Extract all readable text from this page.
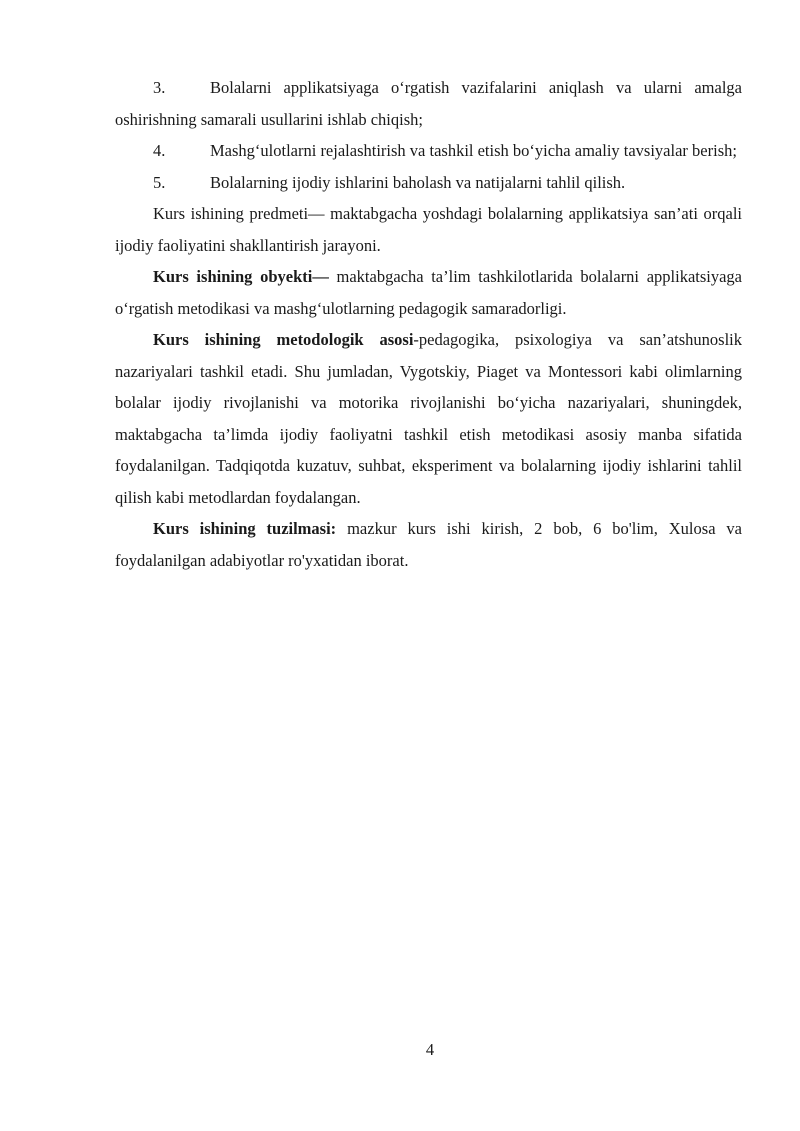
3.	Bolalarni applikatsiyaga o‘rgatish vazifalarini aniqlash va ularni amalga oshirishning samarali usullarini ishlab chiqish;

4.	Mashg‘ulotlarni rejalashtirish va tashkil etish bo‘yicha amaliy tavsiyalar berish;

5.	Bolalarning ijodiy ishlarini baholash va natijalarni tahlil qilish.

Kurs ishining predmeti— maktabgacha yoshdagi bolalarning applikatsiya san’ati orqali ijodiy faoliyatini shakllantirish jarayoni.

Kurs ishining obyekti— maktabgacha ta’lim tashkilotlarida bolalarni applikatsiyaga o‘rgatish metodikasi va mashg‘ulotlarning pedagogik samaradorligi.

Kurs ishining metodologik asosi-pedagogika, psixologiya va san’atshunoslik nazariyalari tashkil etadi. Shu jumladan, Vygotskiy, Piaget va Montessori kabi olimlarning bolalar ijodiy rivojlanishi va motorika rivojlanishi bo‘yicha nazariyalari, shuningdek, maktabgacha ta’limda ijodiy faoliyatni tashkil etish metodikasi asosiy manba sifatida foydalanilgan. Tadqiqotda kuzatuv, suhbat, eksperiment va bolalarning ijodiy ishlarini tahlil qilish kabi metodlardan foydalangan.

Kurs ishining tuzilmasi: mazkur kurs ishi kirish, 2 bob, 6 bo'lim, Xulosa va foydalanilgan adabiyotlar ro'yxatidan iborat.

4
